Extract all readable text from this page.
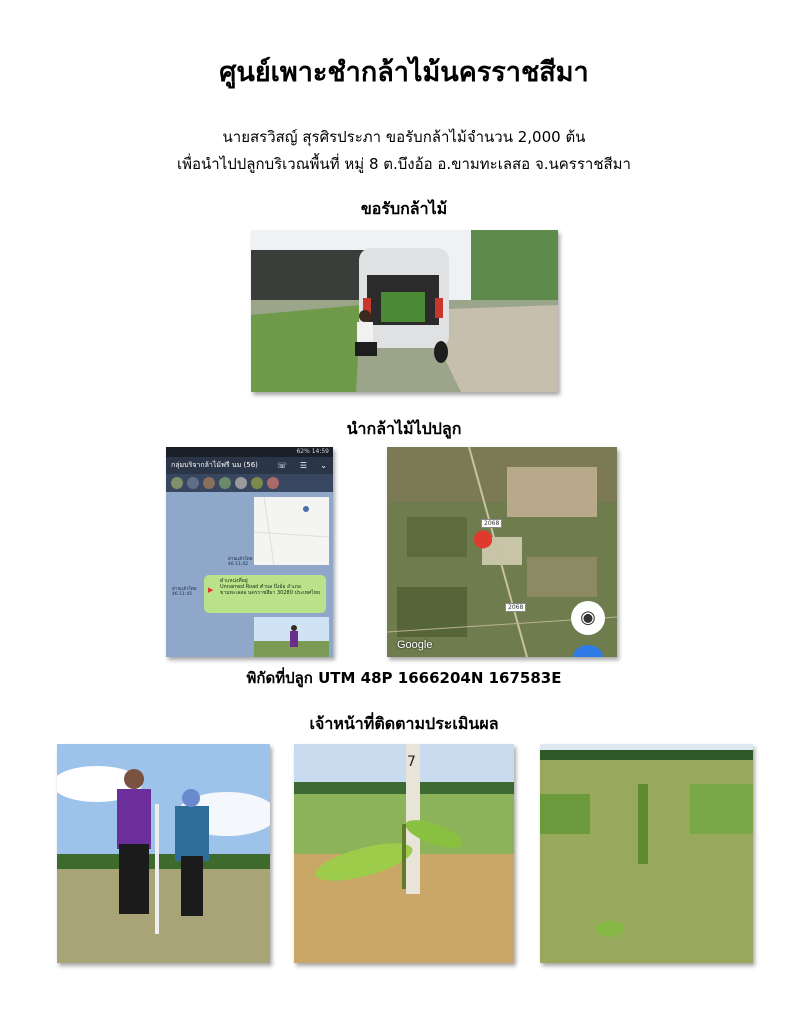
ศูนย์เพาะชำกล้าไม้นครราชสีมา
นายสรวิสญ์ สุรศิรประภา ขอรับกล้าไม้จำนวน 2,000 ต้น
เพื่อนำไปปลูกบริเวณพื้นที่ หมู่ 8 ต.บึงอ้อ อ.ขามทะเลสอ จ.นครราชสีมา
ขอรับกล้าไม้
นำกล้าไม้ไปปลูก
62% 14:59
กลุ่มบริจากล้าไม้ฟรี นม (56) ☏ ☰ ⌄
อ่านแล้วโดย 46 11:42
▶
ตำแหน่งที่อยู่
Unnamed Road ตำบล บึงอ้อ อำเภอ ขามทะเลสอ นครราชสีมา 30280 ประเทศไทย
อ่านแล้วโดย 46 11:45
2068
2068
⬤
Google
◉
พิกัดที่ปลูก UTM 48P 1666204N 167583E
เจ้าหน้าที่ติดตามประเมินผล
7
